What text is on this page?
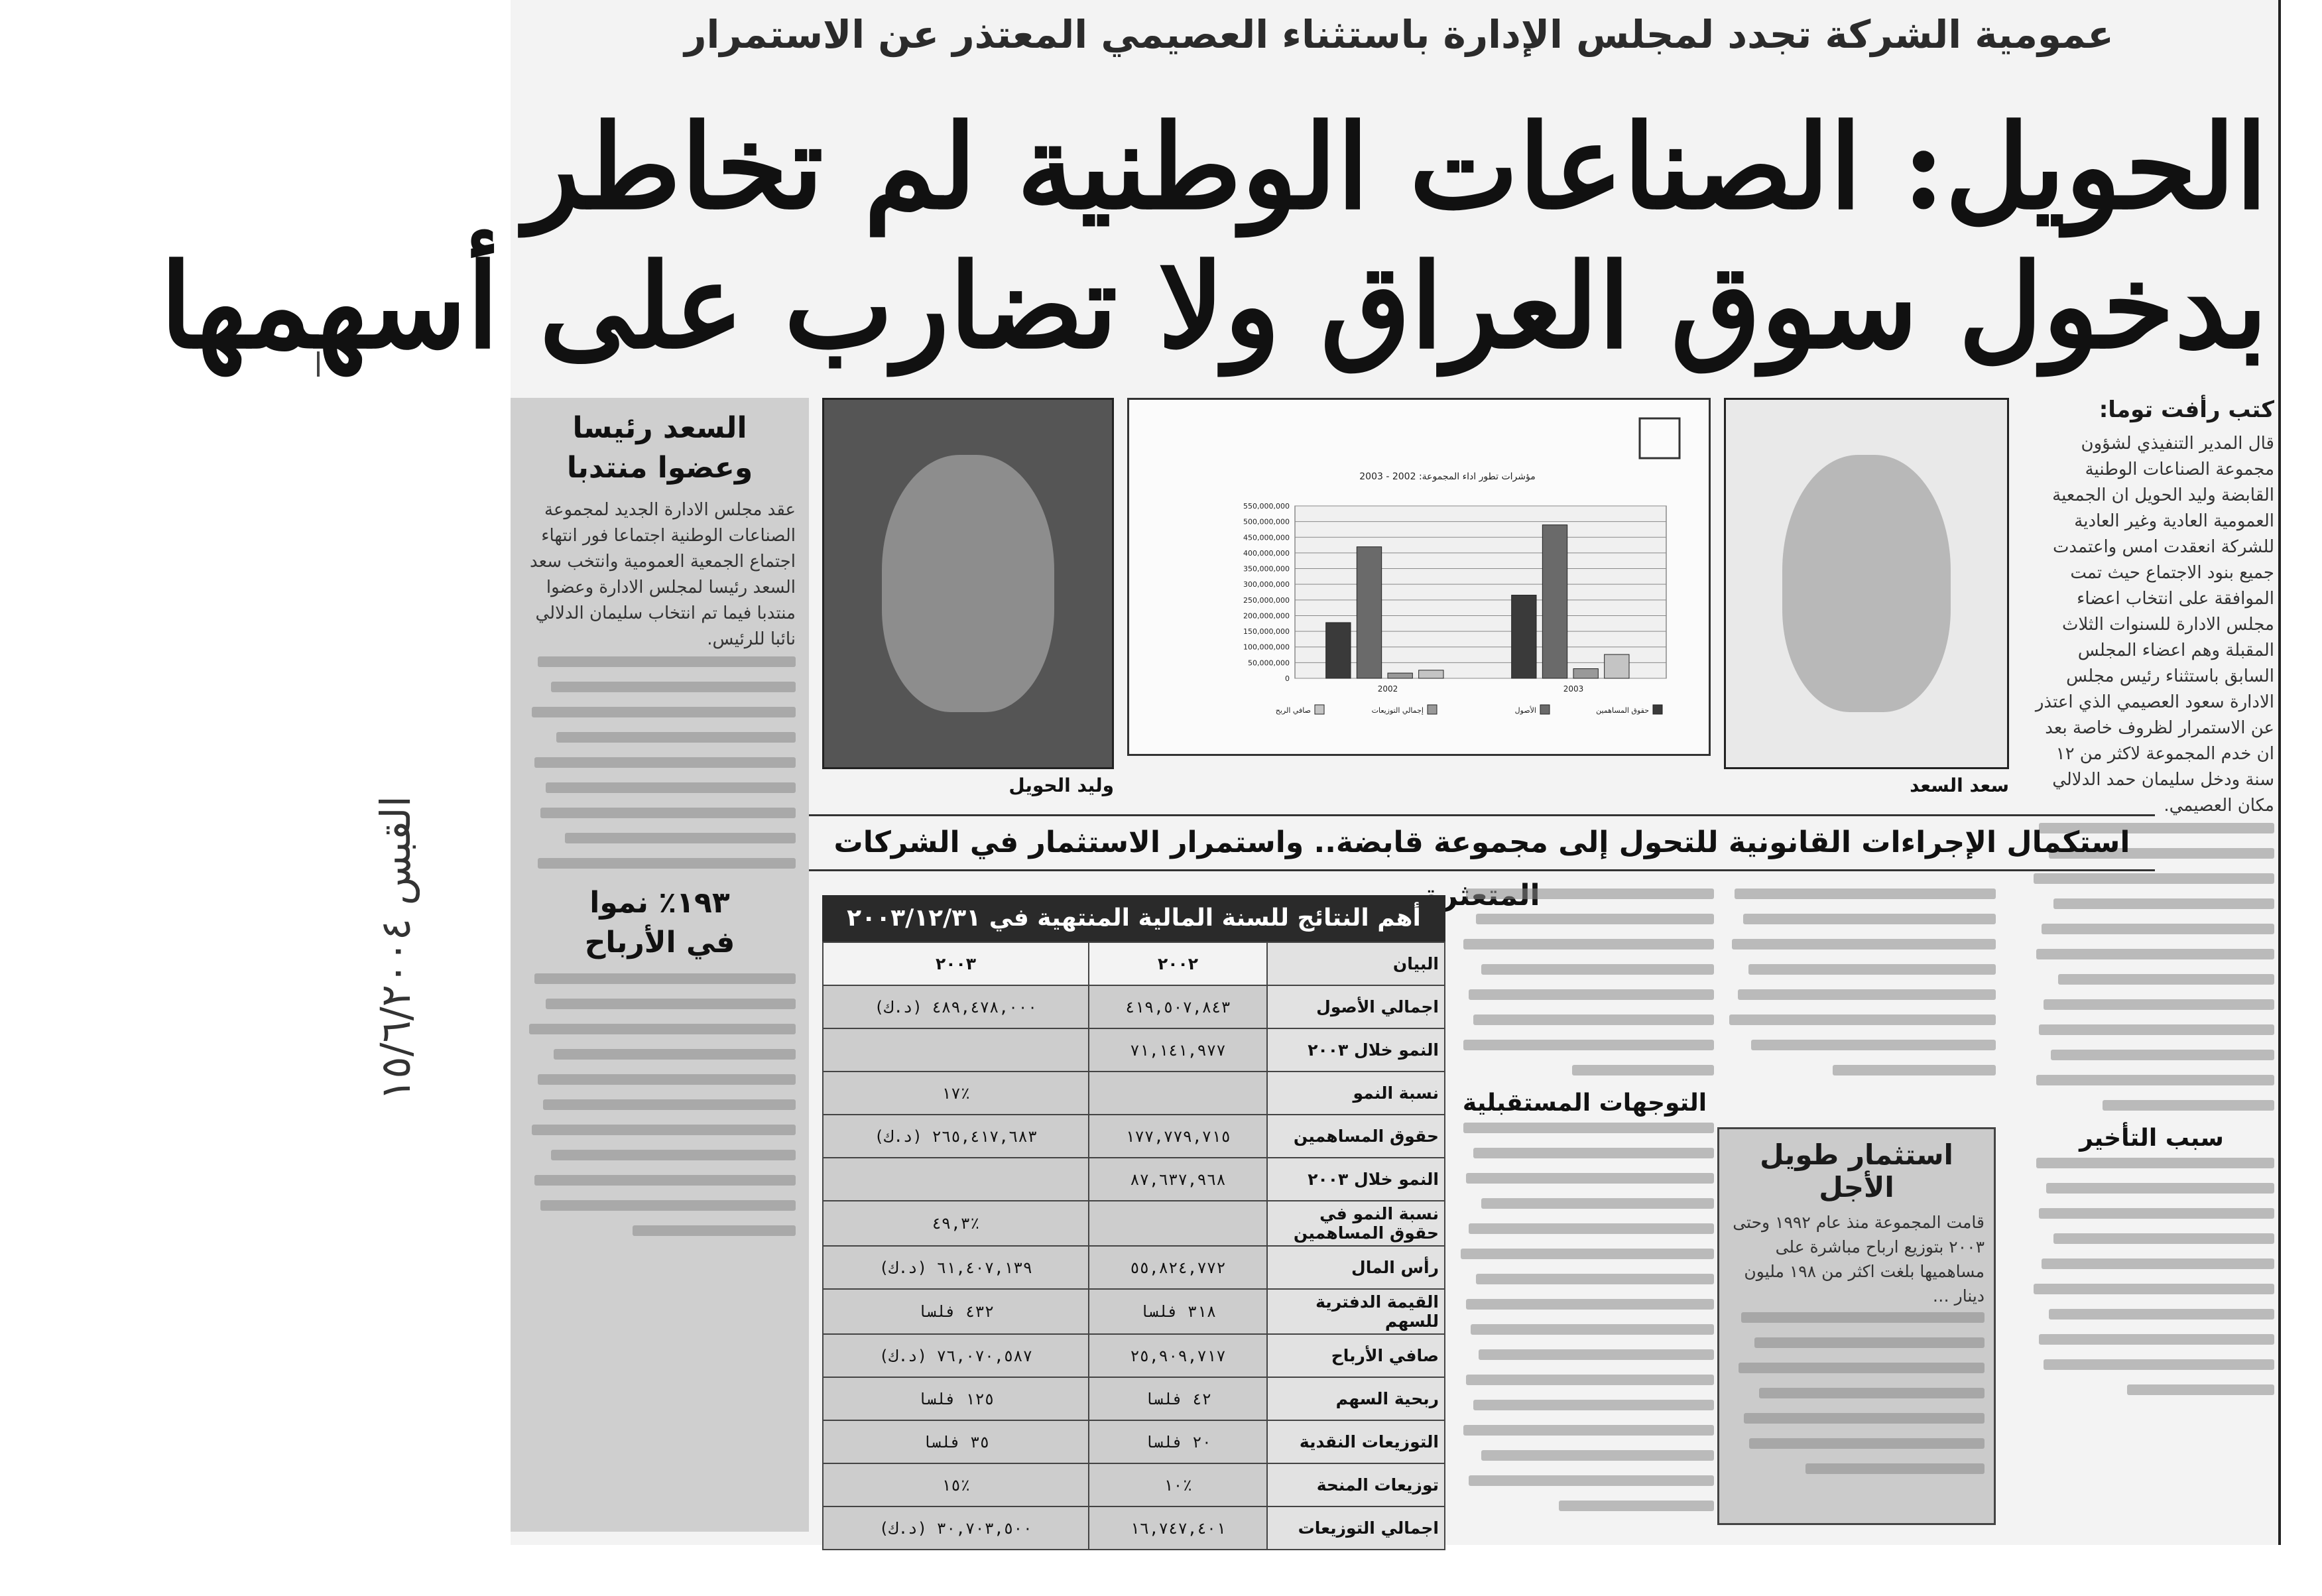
القبس ١٥/٦/٢٠٠٤
عمومية الشركة تجدد لمجلس الإدارة باستثناء العصيمي المعتذر عن الاستمرار
الحويل: الصناعات الوطنية لم تخاطر
بدخول سوق العراق ولا تضارب على أسهمها
كتب رأفت توما:

قال المدير التنفيذي لشؤون مجموعة الصناعات الوطنية القابضة وليد الحويل ان الجمعية العمومية العادية وغير العادية للشركة انعقدت امس واعتمدت جميع بنود الاجتماع حيث تمت الموافقة على انتخاب اعضاء مجلس الادارة للسنوات الثلاث المقبلة وهم اعضاء المجلس السابق باستثناء رئيس مجلس الادارة سعود العصيمي الذي اعتذر عن الاستمرار لظروف خاصة بعد ان خدم المجموعة لاكثر من ١٢ سنة ودخل سليمان حمد الدلالي مكان العصيمي.

سبب التأخير
سعد السعد
مؤشرات تطور اداء المجموعة: 2002 - 2003
0
50,000,000
100,000,000
150,000,000
200,000,000
250,000,000
300,000,000
350,000,000
400,000,000
450,000,000
500,000,000
550,000,000
2002	2003
حقوق المساهمين
الأصول
إجمالي التوزيعات
صافي الربح
وليد الحويل
السعد رئيسا
وعضوا منتدبا

عقد مجلس الادارة الجديد لمجموعة الصناعات الوطنية اجتماعا فور انتهاء اجتماع الجمعية العمومية وانتخب سعد السعد رئيسا لمجلس الادارة وعضوا منتدبا فيما تم انتخاب سليمان الدلالي نائبا للرئيس.

١٩٣٪ نموا
في الأرباح
استكمال الإجراءات القانونية للتحول إلى مجموعة قابضة.. واستمرار الاستثمار في الشركات
استثمار طويل الأجل

قامت المجموعة منذ عام ١٩٩٢ وحتى ٢٠٠٣ بتوزيع ارباح مباشرة على مساهميها بلغت اكثر من ١٩٨ مليون دينار …

التوجهات المستقبلية
أهم النتائج للسنة المالية المنتهية في ٢٠٠٣/١٢/٣١
البيان	٢٠٠٢	٢٠٠٣
اجمالي الأصول	٤١٩,٥٠٧,٨٤٣	٤٨٩,٤٧٨,٠٠٠ (د.ك)
النمو خلال ٢٠٠٣	٧١,١٤١,٩٧٧	
نسبة النمو		٪١٧
حقوق المساهمين	١٧٧,٧٧٩,٧١٥	٢٦٥,٤١٧,٦٨٣ (د.ك)
النمو خلال ٢٠٠٣	٨٧,٦٣٧,٩٦٨	
نسبة النمو في حقوق المساهمين		٪٤٩,٣
رأس المال	٥٥,٨٢٤,٧٧٢	٦١,٤٠٧,١٣٩ (د.ك)
القيمة الدفترية للسهم	٣١٨ فلسا	٤٣٢ فلسا
صافي الأرباح	٢٥,٩٠٩,٧١٧	٧٦,٠٧٠,٥٨٧ (د.ك)
ربحية السهم	٤٢ فلسا	١٢٥ فلسا
التوزيعات النقدية	٢٠ فلسا	٣٥ فلسا
توزيعات المنحة	٪١٠	٪١٥
اجمالي التوزيعات	١٦,٧٤٧,٤٠١	٣٠,٧٠٣,٥٠٠ (د.ك)
